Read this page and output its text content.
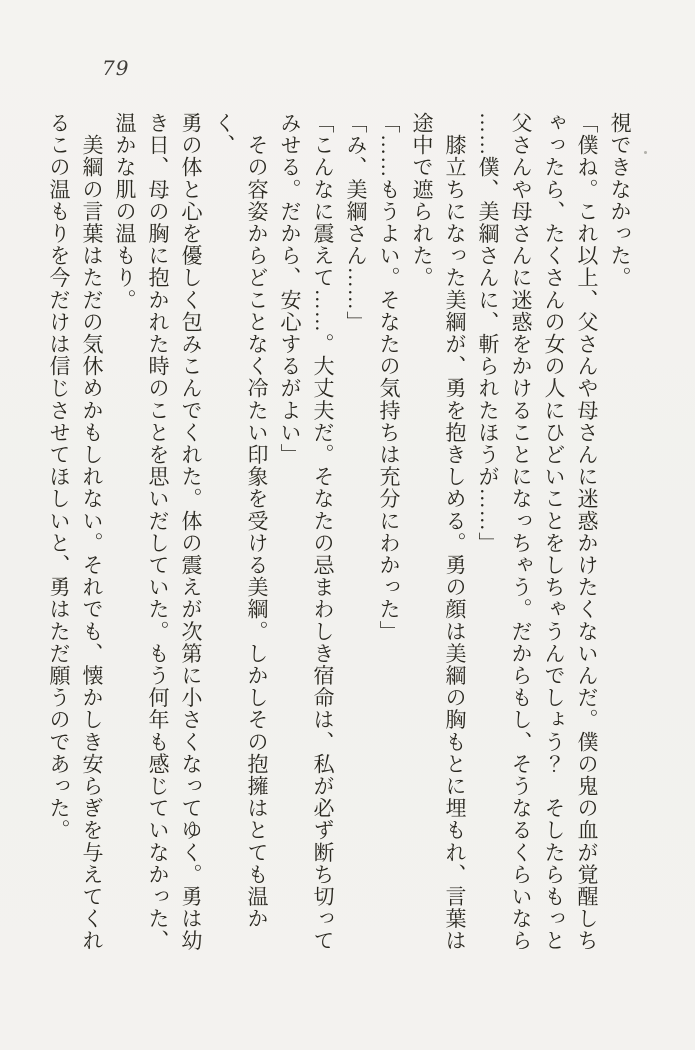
79
視できなかった。
「僕ね。これ以上、父さんや母さんに迷惑かけたくないんだ。僕の鬼の血が覚醒しち
ゃったら、たくさんの女の人にひどいことをしちゃうんでしょう？　そしたらもっと
父さんや母さんに迷惑をかけることになっちゃう。だからもし、そうなるくらいなら
……僕、美綱さんに、斬られたほうが……」
　膝立ちになった美綱が、勇を抱きしめる。勇の顔は美綱の胸もとに埋もれ、言葉は
途中で遮られた。
「……もうよい。そなたの気持ちは充分にわかった」
「み、美綱さん……」
「こんなに震えて……。大丈夫だ。そなたの忌まわしき宿命は、私が必ず断ち切って
みせる。だから、安心するがよい」
　その容姿からどことなく冷たい印象を受ける美綱。しかしその抱擁はとても温かく、
勇の体と心を優しく包みこんでくれた。体の震えが次第に小さくなってゆく。勇は幼
き日、母の胸に抱かれた時のことを思いだしていた。もう何年も感じていなかった、
温かな肌の温もり。
　美綱の言葉はただの気休めかもしれない。それでも、懐かしき安らぎを与えてくれ
るこの温もりを今だけは信じさせてほしいと、勇はただ願うのであった。
